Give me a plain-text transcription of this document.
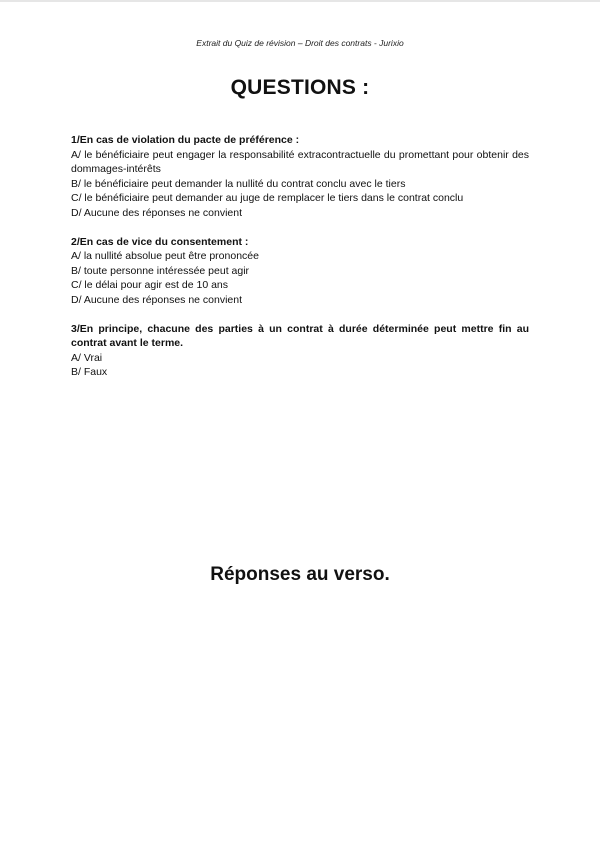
Extrait du Quiz de révision – Droit des contrats - Jurixio
QUESTIONS :
1/En cas de violation du pacte de préférence :
A/ le bénéficiaire peut engager la responsabilité extracontractuelle du promettant pour obtenir des dommages-intérêts
B/ le bénéficiaire peut demander la nullité du contrat conclu avec le tiers
C/ le bénéficiaire peut demander au juge de remplacer le tiers dans le contrat conclu
D/ Aucune des réponses ne convient
2/En cas de vice du consentement :
A/ la nullité absolue peut être prononcée
B/ toute personne intéressée peut agir
C/ le délai pour agir est de 10 ans
D/ Aucune des réponses ne convient
3/En principe, chacune des parties à un contrat à durée déterminée peut mettre fin au contrat avant le terme.
A/ Vrai
B/ Faux
Réponses au verso.
